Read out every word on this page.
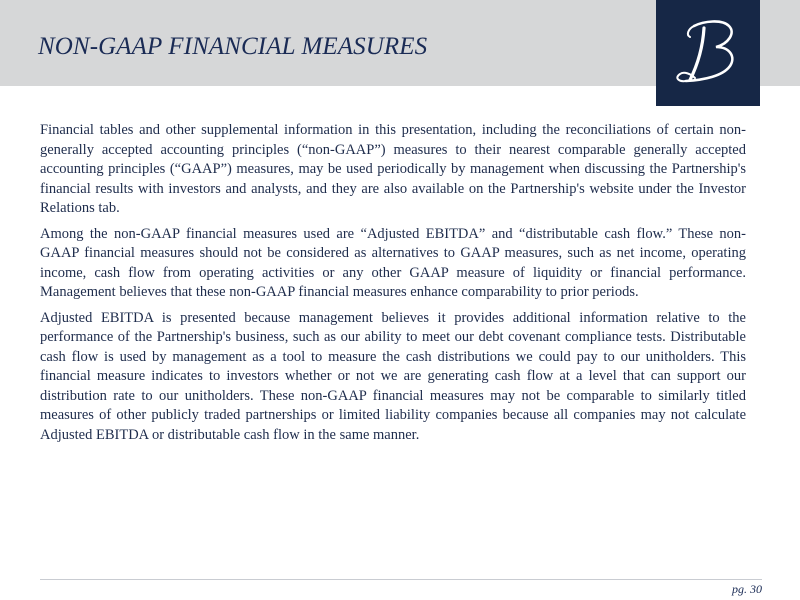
NON-GAAP FINANCIAL MEASURES

Financial tables and other supplemental information in this presentation, including the reconciliations of certain non-generally accepted accounting principles (“non-GAAP”) measures to their nearest comparable generally accepted accounting principles (“GAAP”) measures, may be used periodically by management when discussing the Partnership's financial results with investors and analysts, and they are also available on the Partnership's website under the Investor Relations tab.

Among the non-GAAP financial measures used are “Adjusted EBITDA” and “distributable cash flow.” These non-GAAP financial measures should not be considered as alternatives to GAAP measures, such as net income, operating income, cash flow from operating activities or any other GAAP measure of liquidity or financial performance. Management believes that these non-GAAP financial measures enhance comparability to prior periods.

Adjusted EBITDA is presented because management believes it provides additional information relative to the performance of the Partnership's business, such as our ability to meet our debt covenant compliance tests. Distributable cash flow is used by management as a tool to measure the cash distributions we could pay to our unitholders. This financial measure indicates to investors whether or not we are generating cash flow at a level that can support our distribution rate to our unitholders. These non-GAAP financial measures may not be comparable to similarly titled measures of other publicly traded partnerships or limited liability companies because all companies may not calculate Adjusted EBITDA or distributable cash flow in the same manner.

pg. 30
